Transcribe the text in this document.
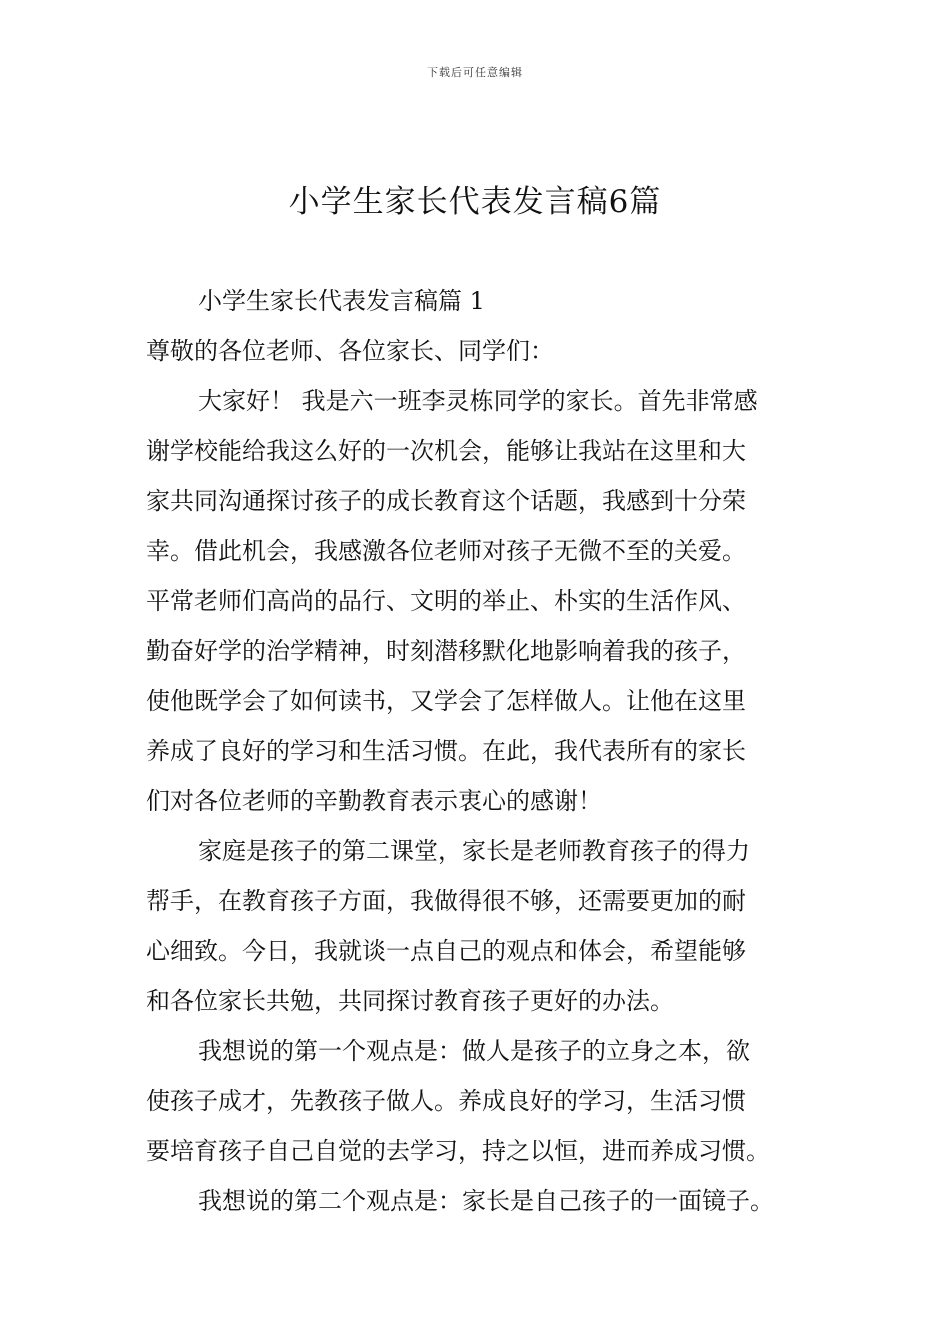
下载后可任意编辑
小学生家长代表发言稿6篇
小学生家长代表发言稿篇 1
尊敬的各位老师、各位家长、同学们：
大家好！ 我是六一班李灵栋同学的家长。首先非常感
谢学校能给我这么好的一次机会，能够让我站在这里和大
家共同沟通探讨孩子的成长教育这个话题，我感到十分荣
幸。借此机会，我感激各位老师对孩子无微不至的关爱。
平常老师们高尚的品行、文明的举止、朴实的生活作风、
勤奋好学的治学精神，时刻潜移默化地影响着我的孩子，
使他既学会了如何读书，又学会了怎样做人。让他在这里
养成了良好的学习和生活习惯。在此，我代表所有的家长
们对各位老师的辛勤教育表示衷心的感谢！
家庭是孩子的第二课堂，家长是老师教育孩子的得力
帮手，在教育孩子方面，我做得很不够，还需要更加的耐
心细致。今日，我就谈一点自己的观点和体会，希望能够
和各位家长共勉，共同探讨教育孩子更好的办法。
我想说的第一个观点是：做人是孩子的立身之本，欲
使孩子成才，先教孩子做人。养成良好的学习，生活习惯
要培育孩子自己自觉的去学习，持之以恒，进而养成习惯。
我想说的第二个观点是：家长是自己孩子的一面镜子。
